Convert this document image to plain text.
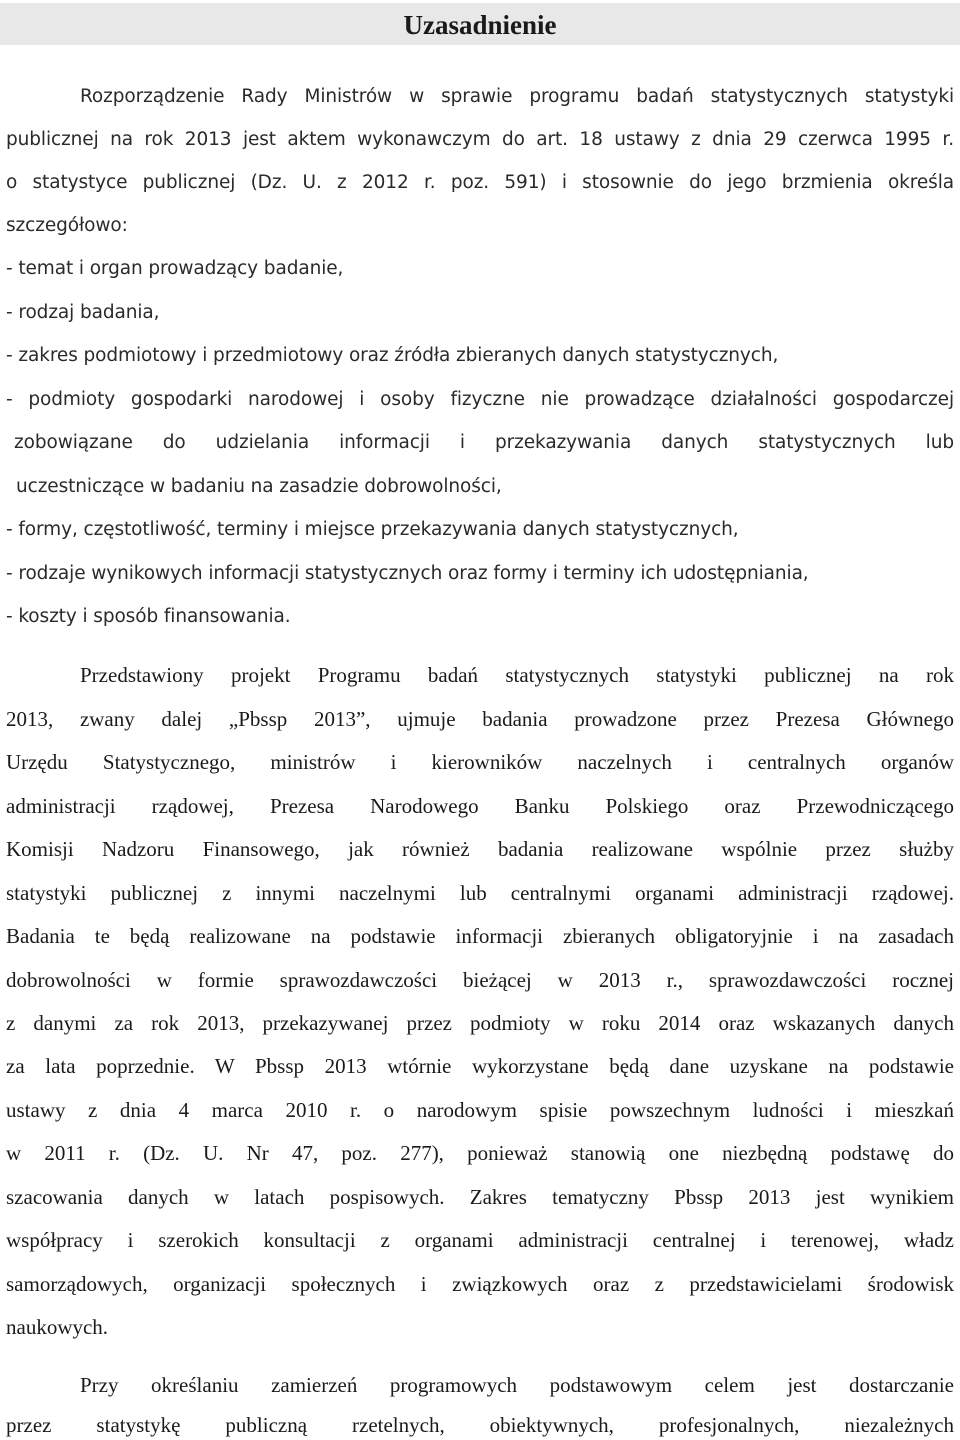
Uzasadnienie

Rozporządzenie Rady Ministrów w sprawie programu badań statystycznych statystyki

publicznej na rok 2013 jest aktem wykonawczym do art. 18 ustawy z dnia 29 czerwca 1995 r.

o statystyce publicznej (Dz. U. z 2012 r. poz. 591) i stosownie do jego brzmienia określa

szczegółowo:

- temat i organ prowadzący badanie,

- rodzaj badania,

- zakres podmiotowy i przedmiotowy oraz źródła zbieranych danych statystycznych,

- podmioty gospodarki narodowej i osoby fizyczne nie prowadzące działalności gospodarczej

zobowiązane do udzielania informacji i przekazywania danych statystycznych lub

uczestniczące w badaniu na zasadzie dobrowolności,

- formy, częstotliwość, terminy i miejsce przekazywania danych statystycznych,

- rodzaje wynikowych informacji statystycznych oraz formy i terminy ich udostępniania,

- koszty i sposób finansowania.

Przedstawiony projekt Programu badań statystycznych statystyki publicznej na rok

2013, zwany dalej „Pbssp 2013”, ujmuje badania prowadzone przez Prezesa Głównego

Urzędu Statystycznego, ministrów i kierowników naczelnych i centralnych organów

administracji rządowej, Prezesa Narodowego Banku Polskiego oraz Przewodniczącego

Komisji Nadzoru Finansowego, jak również badania realizowane wspólnie przez służby

statystyki publicznej z innymi naczelnymi lub centralnymi organami administracji rządowej.

Badania te będą realizowane na podstawie informacji zbieranych obligatoryjnie i na zasadach

dobrowolności w formie sprawozdawczości bieżącej w 2013 r., sprawozdawczości rocznej

z danymi za rok 2013, przekazywanej przez podmioty w roku 2014 oraz wskazanych danych

za lata poprzednie. W Pbssp 2013 wtórnie wykorzystane będą dane uzyskane na podstawie

ustawy z dnia 4 marca 2010 r. o narodowym spisie powszechnym ludności i mieszkań

w 2011 r. (Dz. U. Nr 47, poz. 277), ponieważ stanowią one niezbędną podstawę do

szacowania danych w latach pospisowych. Zakres tematyczny Pbssp 2013 jest wynikiem

współpracy i szerokich konsultacji z organami administracji centralnej i terenowej, władz

samorządowych, organizacji społecznych i związkowych oraz z przedstawicielami środowisk

naukowych.

Przy określaniu zamierzeń programowych podstawowym celem jest dostarczanie

przez statystykę publiczną rzetelnych, obiektywnych, profesjonalnych, niezależnych
